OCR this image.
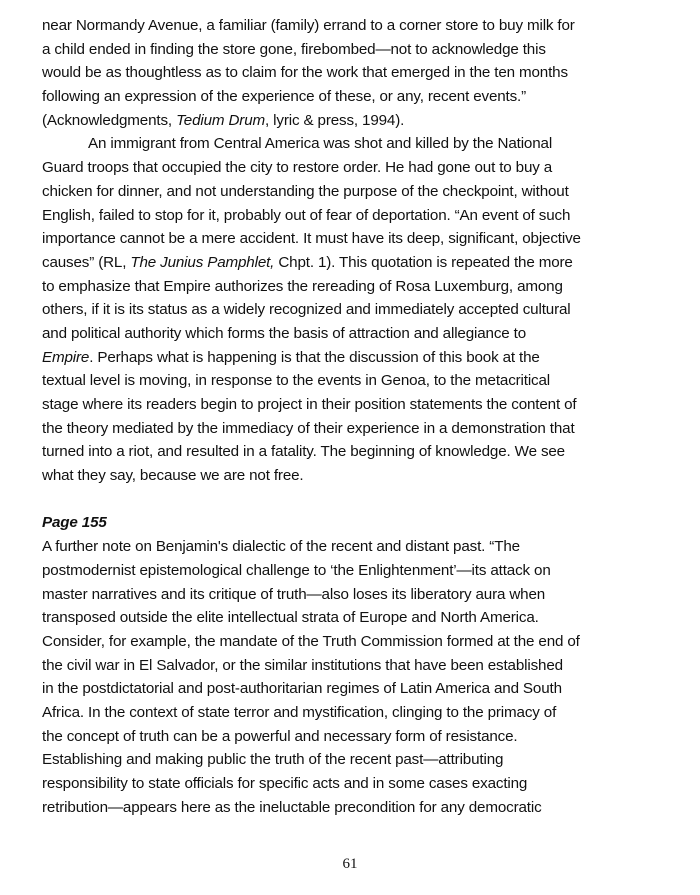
near Normandy Avenue, a familiar (family) errand to a corner store to buy milk for
a child ended in finding the store gone, firebombed—not to acknowledge this
would be as thoughtless as to claim for the work that emerged in the ten months
following an expression of the experience of these, or any, recent events.”
(Acknowledgments, Tedium Drum, lyric & press, 1994).
An immigrant from Central America was shot and killed by the National
Guard troops that occupied the city to restore order. He had gone out to buy a
chicken for dinner, and not understanding the purpose of the checkpoint, without
English, failed to stop for it, probably out of fear of deportation. “An event of such
importance cannot be a mere accident. It must have its deep, significant, objective
causes” (RL, The Junius Pamphlet, Chpt. 1). This quotation is repeated the more
to emphasize that Empire authorizes the rereading of Rosa Luxemburg, among
others, if it is its status as a widely recognized and immediately accepted cultural
and political authority which forms the basis of attraction and allegiance to
Empire. Perhaps what is happening is that the discussion of this book at the
textual level is moving, in response to the events in Genoa, to the metacritical
stage where its readers begin to project in their position statements the content of
the theory mediated by the immediacy of their experience in a demonstration that
turned into a riot, and resulted in a fatality. The beginning of knowledge. We see
what they say, because we are not free.
Page 155
A further note on Benjamin's dialectic of the recent and distant past. “The
postmodernist epistemological challenge to ‘the Enlightenment’—its attack on
master narratives and its critique of truth—also loses its liberatory aura when
transposed outside the elite intellectual strata of Europe and North America.
Consider, for example, the mandate of the Truth Commission formed at the end of
the civil war in El Salvador, or the similar institutions that have been established
in the postdictatorial and post-authoritarian regimes of Latin America and South
Africa. In the context of state terror and mystification, clinging to the primacy of
the concept of truth can be a powerful and necessary form of resistance.
Establishing and making public the truth of the recent past—attributing
responsibility to state officials for specific acts and in some cases exacting
retribution—appears here as the ineluctable precondition for any democratic
61
